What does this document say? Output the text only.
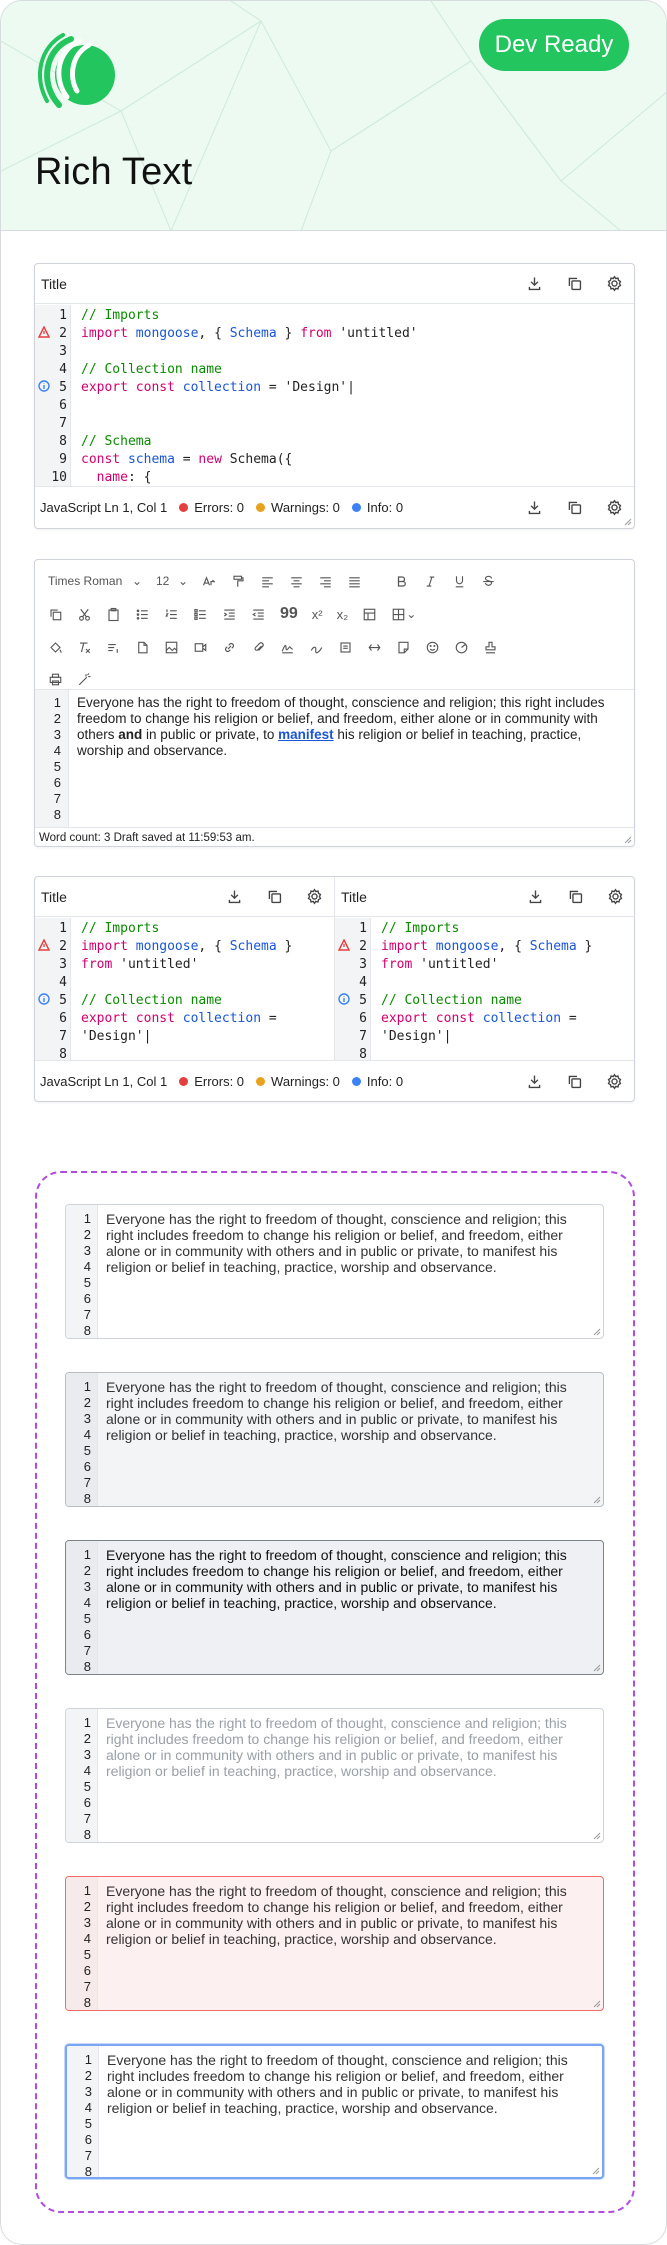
Rich Text
Dev Ready
Title
// Imports
import mongoose, { Schema } from 'untitled'
// Collection name
export const collection = 'Design'|
// Schema
const schema = new Schema({
name: {

1
2
3
4
5
6
7
8
9
10
JavaScript Ln 1, Col 1 Errors: 0 Warnings: 0 Info: 0
Times Roman ⌄ 12 ⌄
99	x²	x₂	⌄
1
2
3
4
5
6
7
8
Everyone has the right to freedom of thought, conscience and religion; this right includes freedom to change his religion or belief, and freedom, either alone or in community with others and in public or private, to manifest his religion or belief in teaching, practice, worship and observance.
Word count: 3 Draft saved at 11:59:53 am.
Title
1
2
3
4
5
6
7
8
// Imports
import mongoose, { Schema }
from 'untitled'
// Collection name
export const collection =
'Design'|

Title
1
2
3
4
5
6
7
8
// Imports
import mongoose, { Schema }
from 'untitled'
// Collection name
export const collection =
'Design'|

JavaScript Ln 1, Col 1 Errors: 0 Warnings: 0 Info: 0
1
2
3
4
5
6
7
8
Everyone has the right to freedom of thought, conscience and religion; this right includes freedom to change his religion or belief, and freedom, either alone or in community with others and in public or private, to manifest his religion or belief in teaching, practice, worship and observance.
1
2
3
4
5
6
7
8
Everyone has the right to freedom of thought, conscience and religion; this right includes freedom to change his religion or belief, and freedom, either alone or in community with others and in public or private, to manifest his religion or belief in teaching, practice, worship and observance.
1
2
3
4
5
6
7
8
Everyone has the right to freedom of thought, conscience and religion; this right includes freedom to change his religion or belief, and freedom, either alone or in community with others and in public or private, to manifest his religion or belief in teaching, practice, worship and observance.
1
2
3
4
5
6
7
8
Everyone has the right to freedom of thought, conscience and religion; this right includes freedom to change his religion or belief, and freedom, either alone or in community with others and in public or private, to manifest his religion or belief in teaching, practice, worship and observance.
1
2
3
4
5
6
7
8
Everyone has the right to freedom of thought, conscience and religion; this right includes freedom to change his religion or belief, and freedom, either alone or in community with others and in public or private, to manifest his religion or belief in teaching, practice, worship and observance.
1
2
3
4
5
6
7
8
Everyone has the right to freedom of thought, conscience and religion; this right includes freedom to change his religion or belief, and freedom, either alone or in community with others and in public or private, to manifest his religion or belief in teaching, practice, worship and observance.
